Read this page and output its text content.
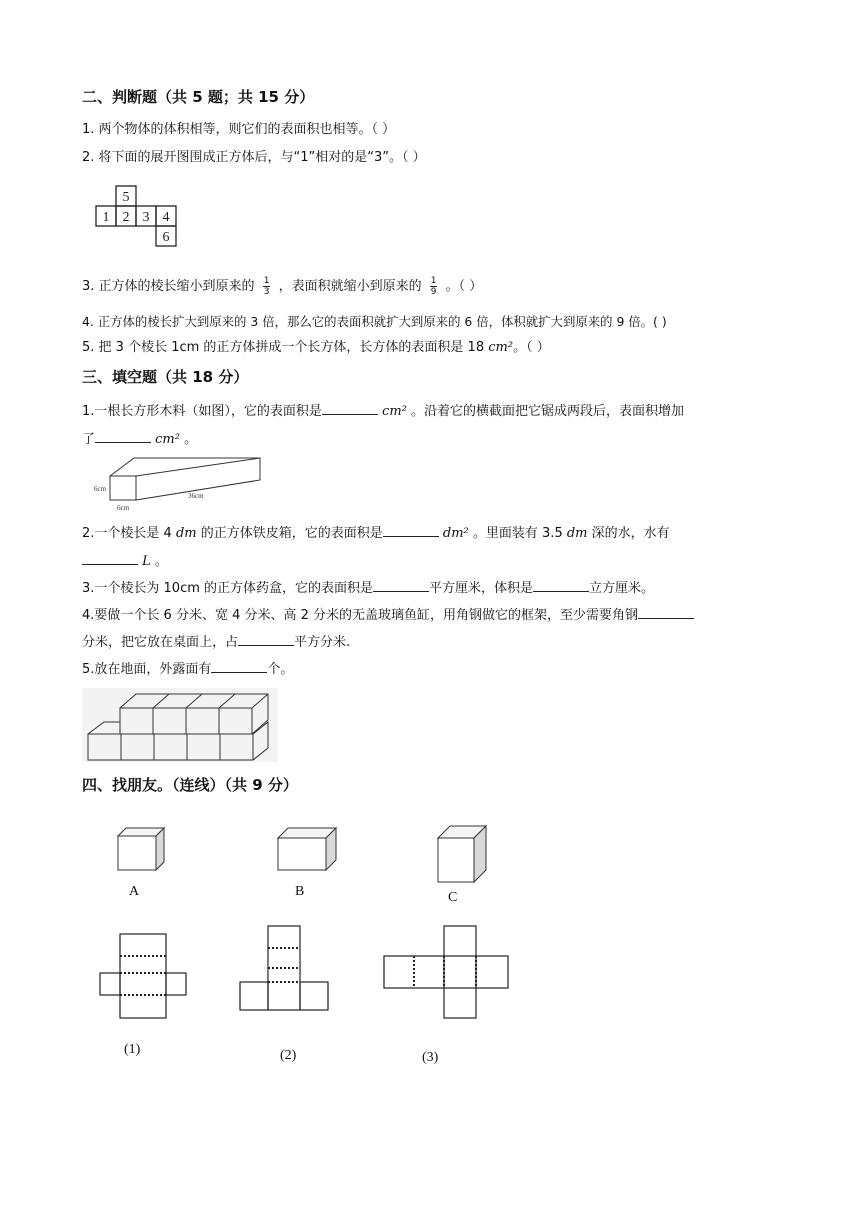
二、判断题（共 5 题；共 15 分）
1. 两个物体的体积相等，则它们的表面积也相等。（ ）
2. 将下面的展开图围成正方体后，与“1”相对的是“3”。（ ）
5
1 2 3 4
6
3. 正方体的棱长缩小到原来的 $\frac{1}{3}$ ，表面积就缩小到原来的 $\frac{1}{9}$ 。（ ）
4. 正方体的棱长扩大到原来的 3 倍，那么它的表面积就扩大到原来的 6 倍，体积就扩大到原来的 9 倍。( )
5. 把 3 个棱长 1cm 的正方体拼成一个长方体，长方体的表面积是 18 cm²。（ ）
三、填空题（共 18 分）
1.一根长方形木料（如图），它的表面积是	cm² 。沿着它的横截面把它锯成两段后，表面积增加
了	cm² 。
6cm
6cm
36cm
2.一个棱长是 4 dm 的正方体铁皮箱，它的表面积是	dm² 。里面装有 3.5 dm 深的水，水有
L 。
3.一个棱长为 10cm 的正方体药盒，它的表面积是	平方厘米，体积是	立方厘米。
4.要做一个长 6 分米、宽 4 分米、高 2 分米的无盖玻璃鱼缸，用角钢做它的框架，至少需要角钢
分米，把它放在桌面上，占	平方分米.
5.放在地面，外露面有	个。
四、找朋友。（连线）（共 9 分）
A	B	C
(1)	(2)	(3)
